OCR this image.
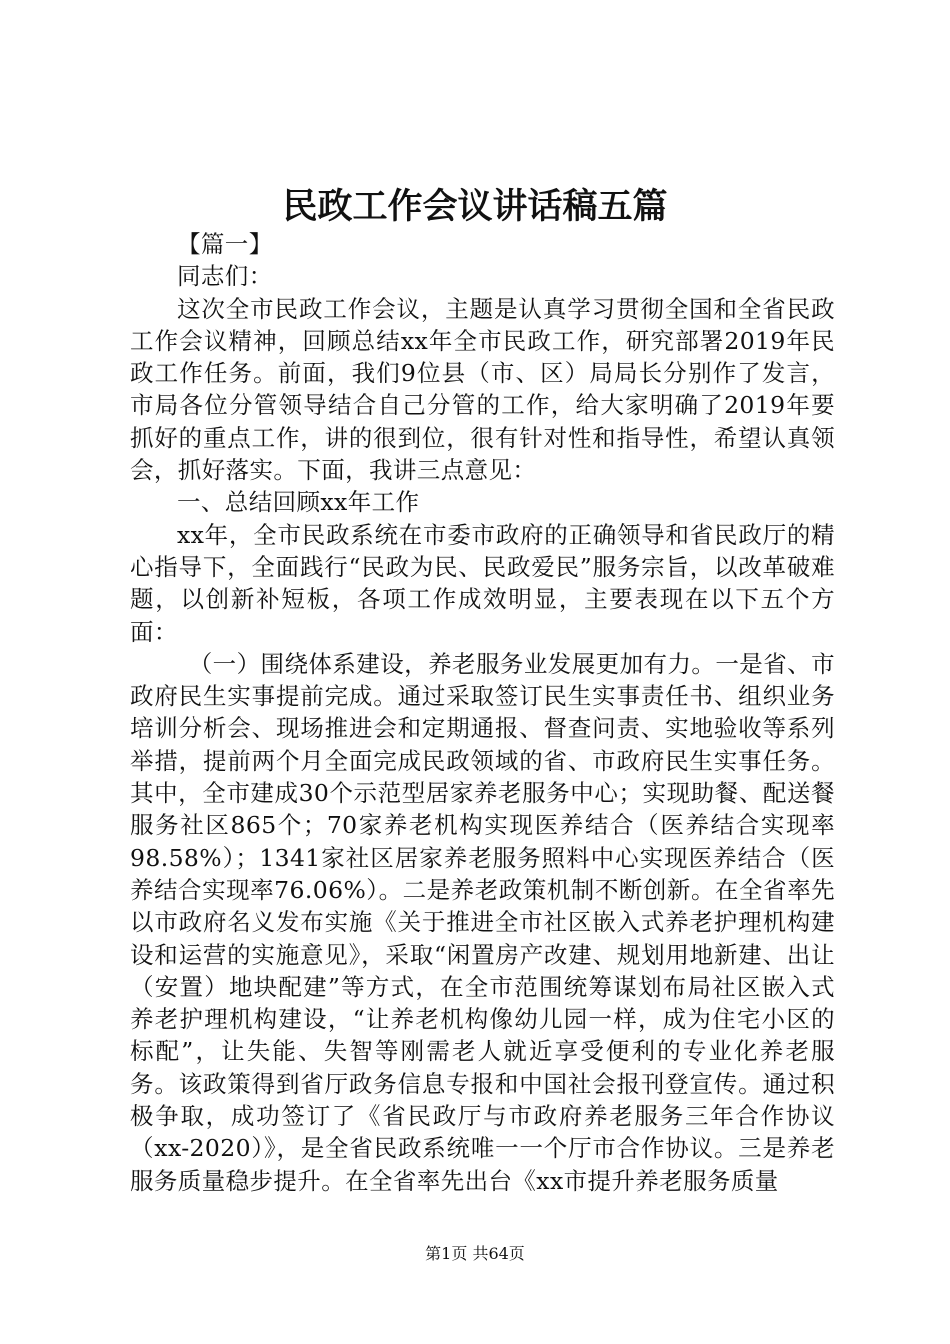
民政工作会议讲话稿五篇

【篇一】

同志们：

这次全市民政工作会议，主题是认真学习贯彻全国和全省民政工作会议精神，回顾总结xx年全市民政工作，研究部署2019年民政工作任务。前面，我们9位县（市、区）局局长分别作了发言，市局各位分管领导结合自己分管的工作，给大家明确了2019年要抓好的重点工作，讲的很到位，很有针对性和指导性，希望认真领会，抓好落实。下面，我讲三点意见：

一、总结回顾xx年工作

xx年，全市民政系统在市委市政府的正确领导和省民政厅的精心指导下，全面践行“民政为民、民政爱民”服务宗旨，以改革破难题，以创新补短板，各项工作成效明显，主要表现在以下五个方面：

（一）围绕体系建设，养老服务业发展更加有力。一是省、市政府民生实事提前完成。通过采取签订民生实事责任书、组织业务培训分析会、现场推进会和定期通报、督查问责、实地验收等系列举措，提前两个月全面完成民政领域的省、市政府民生实事任务。其中，全市建成30个示范型居家养老服务中心；实现助餐、配送餐服务社区865个；70家养老机构实现医养结合（医养结合实现率98.58%）；1341家社区居家养老服务照料中心实现医养结合（医养结合实现率76.06%）。二是养老政策机制不断创新。在全省率先以市政府名义发布实施《关于推进全市社区嵌入式养老护理机构建设和运营的实施意见》，采取“闲置房产改建、规划用地新建、出让（安置）地块配建”等方式，在全市范围统筹谋划布局社区嵌入式养老护理机构建设，“让养老机构像幼儿园一样，成为住宅小区的标配”，让失能、失智等刚需老人就近享受便利的专业化养老服务。该政策得到省厅政务信息专报和中国社会报刊登宣传。通过积极争取，成功签订了《省民政厅与市政府养老服务三年合作协议（xx-2020）》，是全省民政系统唯一一个厅市合作协议。三是养老服务质量稳步提升。在全省率先出台《xx市提升养老服务质量

第1页 共64页
